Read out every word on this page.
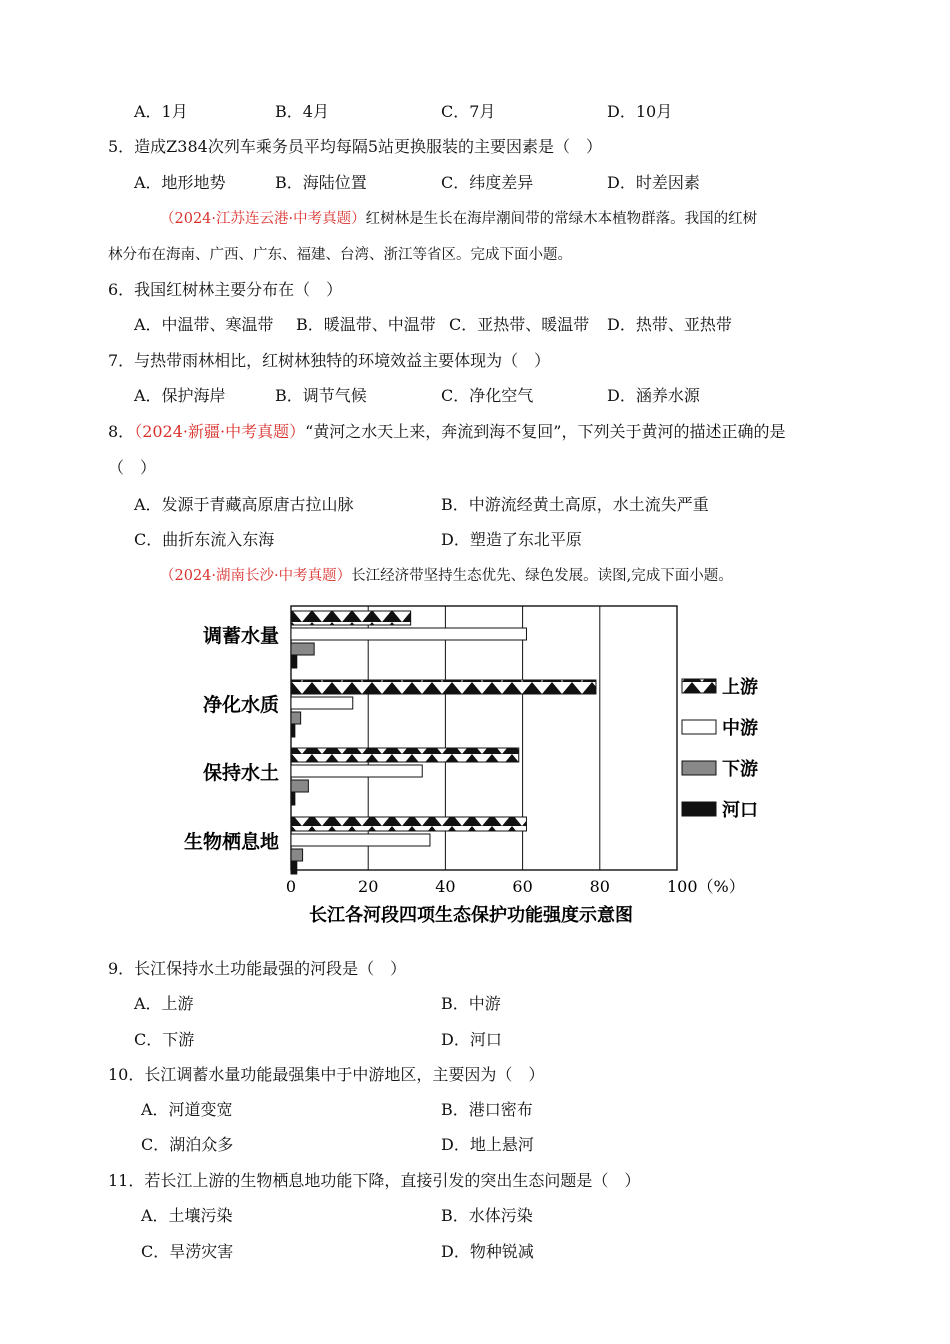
A．1月	B．4月	C．7月	D．10月
5．造成Z384次列车乘务员平均每隔5站更换服装的主要因素是（　）
A．地形地势	B．海陆位置	C．纬度差异	D．时差因素
（2024·江苏连云港·中考真题）红树林是生长在海岸潮间带的常绿木本植物群落。我国的红树
林分布在海南、广西、广东、福建、台湾、浙江等省区。完成下面小题。
6．我国红树林主要分布在（　）
A．中温带、寒温带 B．暖温带、中温带 C．亚热带、暖温带 D．热带、亚热带
7．与热带雨林相比，红树林独特的环境效益主要体现为（　）
A．保护海岸	B．调节气候	C．净化空气	D．涵养水源
8．（2024·新疆·中考真题）“黄河之水天上来，奔流到海不复回”，下列关于黄河的描述正确的是
（　）
A．发源于青藏高原唐古拉山脉	B．中游流经黄土高原，水土流失严重
C．曲折东流入东海	D．塑造了东北平原
（2024·湖南长沙·中考真题）长江经济带坚持生态优先、绿色发展。读图,完成下面小题。
0	20	40	60	80	100（%）
调蓄水量
净化水质
保持水土
生物栖息地
上游
中游
下游
河口
长江各河段四项生态保护功能强度示意图
9．长江保持水土功能最强的河段是（　）
A．上游	B．中游
C．下游	D．河口
10．长江调蓄水量功能最强集中于中游地区，主要因为（　）
A．河道变宽	B．港口密布
C．湖泊众多	D．地上悬河
11．若长江上游的生物栖息地功能下降，直接引发的突出生态问题是（　）
A．土壤污染	B．水体污染
C．旱涝灾害	D．物种锐减
